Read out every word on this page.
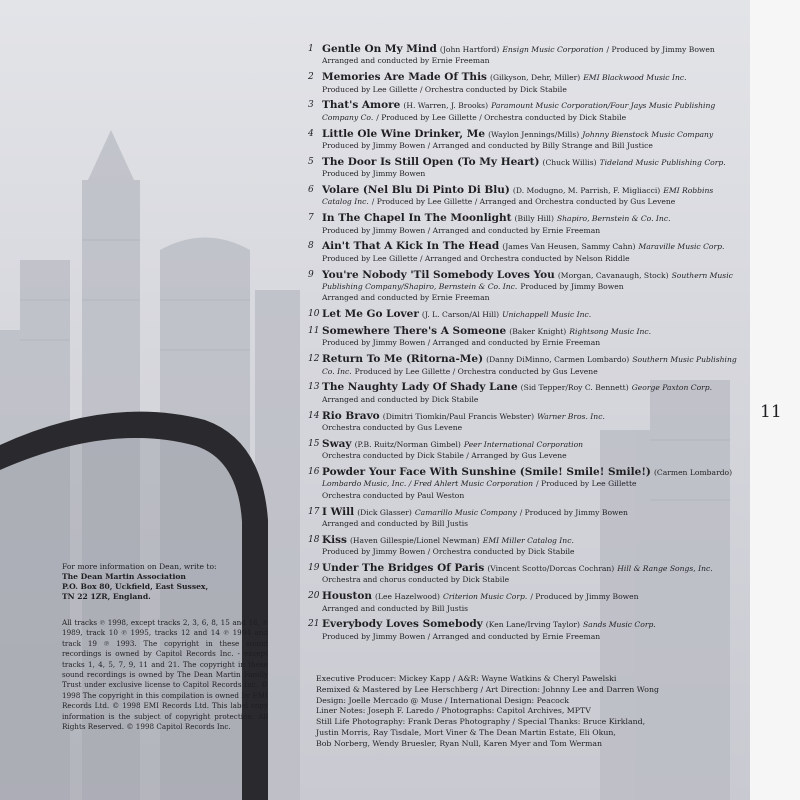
1 Gentle On My Mind (John Hartford) Ensign Music Corporation / Produced by Jimmy Bowen
Arranged and conducted by Ernie Freeman
2 Memories Are Made Of This (Gilkyson, Dehr, Miller) EMI Blackwood Music Inc.
Produced by Lee Gillette / Orchestra conducted by Dick Stabile
3 That's Amore (H. Warren, J. Brooks) Paramount Music Corporation/Four Jays Music Publishing Company Co. / Produced by Lee Gillette / Orchestra conducted by Dick Stabile
4 Little Ole Wine Drinker, Me (Waylon Jennings/Mills) Johnny Bienstock Music Company
Produced by Jimmy Bowen / Arranged and conducted by Billy Strange and Bill Justice
5 The Door Is Still Open (To My Heart) (Chuck Willis) Tideland Music Publishing Corp. Produced by Jimmy Bowen
6 Volare (Nel Blu Di Pinto Di Blu) (D. Modugno, M. Parrish, F. Migliacci) EMI Robbins Catalog Inc. / Produced by Lee Gillette / Arranged and Orchestra conducted by Gus Levene
7 In The Chapel In The Moonlight (Billy Hill) Shapiro, Bernstein & Co. Inc.
Produced by Jimmy Bowen / Arranged and conducted by Ernie Freeman
8 Ain't That A Kick In The Head (James Van Heusen, Sammy Cahn) Maraville Music Corp.
Produced by Lee Gillette / Arranged and Orchestra conducted by Nelson Riddle
9 You're Nobody 'Til Somebody Loves You (Morgan, Cavanaugh, Stock) Southern Music Publishing Company/Shapiro, Bernstein & Co. Inc. Produced by Jimmy Bowen
Arranged and conducted by Ernie Freeman
10 Let Me Go Lover (J. L. Carson/Al Hill) Unichappell Music Inc.
11 Somewhere There's A Someone (Baker Knight) Rightsong Music Inc.
Produced by Jimmy Bowen / Arranged and conducted by Ernie Freeman
12 Return To Me (Ritorna-Me) (Danny DiMinno, Carmen Lombardo) Southern Music Publishing Co. Inc. Produced by Lee Gillette / Orchestra conducted by Gus Levene
13 The Naughty Lady Of Shady Lane (Sid Tepper/Roy C. Bennett) George Paxton Corp.
Arranged and conducted by Dick Stabile
14 Rio Bravo (Dimitri Tiomkin/Paul Francis Webster) Warner Bros. Inc.
Orchestra conducted by Gus Levene
15 Sway (P.B. Ruitz/Norman Gimbel) Peer International Corporation
Orchestra conducted by Dick Stabile / Arranged by Gus Levene
16 Powder Your Face With Sunshine (Smile! Smile! Smile!) (Carmen Lombardo) Lombardo Music, Inc. / Fred Ahlert Music Corporation / Produced by Lee Gillette
Orchestra conducted by Paul Weston
17 I Will (Dick Glasser) Camarillo Music Company / Produced by Jimmy Bowen
Arranged and conducted by Bill Justis
18 Kiss (Haven Gillespie/Lionel Newman) EMI Miller Catalog Inc.
Produced by Jimmy Bowen / Orchestra conducted by Dick Stabile
19 Under The Bridges Of Paris (Vincent Scotto/Dorcas Cochran) Hill & Range Songs, Inc.
Orchestra and chorus conducted by Dick Stabile
20 Houston (Lee Hazelwood) Criterion Music Corp. / Produced by Jimmy Bowen
Arranged and conducted by Bill Justis
21 Everybody Loves Somebody (Ken Lane/Irving Taylor) Sands Music Corp.
Produced by Jimmy Bowen / Arranged and conducted by Ernie Freeman
11
For more information on Dean, write to:
The Dean Martin Association
P.O. Box 80, Uckfield, East Sussex,
TN 22 1ZR, England.
All tracks ℗ 1998, except tracks 2, 3, 6, 8, 15 and 16, ℗ 1989, track 10 ℗ 1995, tracks 12 and 14 ℗ 1994 and track 19 ℗ 1993. The copyright in these sound recordings is owned by Capitol Records Inc. - except tracks 1, 4, 5, 7, 9, 11 and 21. The copyright in these sound recordings is owned by The Dean Martin Family Trust under exclusive license to Capitol Records Inc. © 1998 The copyright in this compilation is owned by EMI Records Ltd. © 1998 EMI Records Ltd. This label copy information is the subject of copyright protection. All Rights Reserved. © 1998 Capitol Records Inc.
Executive Producer: Mickey Kapp / A&R: Wayne Watkins & Cheryl Pawelski
Remixed & Mastered by Lee Herschberg / Art Direction: Johnny Lee and Darren Wong
Design: Joelle Mercado @ Muse / International Design: Peacock
Liner Notes: Joseph F. Laredo / Photographs: Capitol Archives, MPTV
Still Life Photography: Frank Deras Photography / Special Thanks: Bruce Kirkland,
Justin Morris, Ray Tisdale, Mort Viner & The Dean Martin Estate, Eli Okun,
Bob Norberg, Wendy Bruesler, Ryan Null, Karen Myer and Tom Werman
